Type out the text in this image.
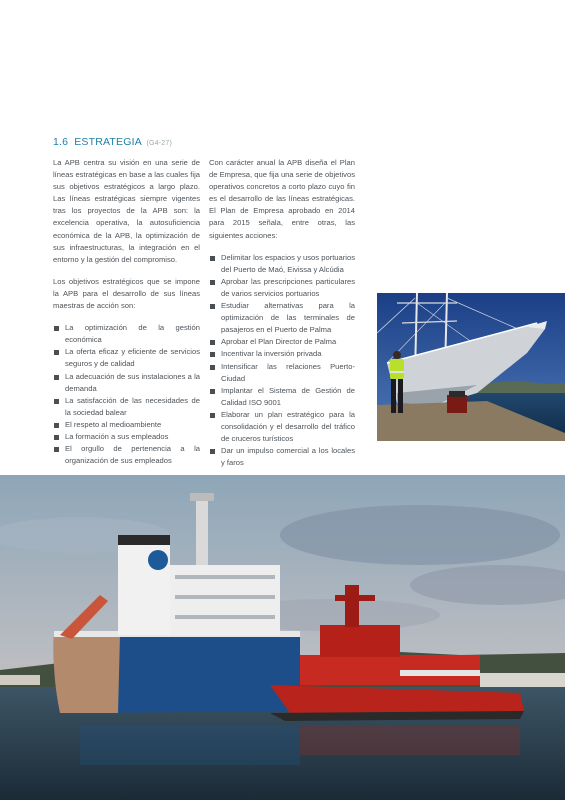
1.6 ESTRATEGIA (G4-27)

La APB centra su visión en una serie de líneas estratégicas en base a las cuales fija sus objetivos estratégicos a largo plazo. Las líneas estratégicas siempre vigentes tras los proyectos de la APB son: la excelencia operativa, la autosuficiencia económica de la APB, la optimización de sus infraestructuras, la integración en el entorno y la gestión del compromiso.

Los objetivos estratégicos que se impone la APB para el desarrollo de sus líneas maestras de acción son:

La optimización de la gestión económica
La oferta eficaz y eficiente de servicios seguros y de calidad
La adecuación de sus instalaciones a la demanda
La satisfacción de las necesidades de la sociedad balear
El respeto al medioambiente
La formación a sus empleados
El orgullo de pertenencia a la organización de sus empleados

Con carácter anual la APB diseña el Plan de Empresa, que fija una serie de objetivos operativos concretos a corto plazo cuyo fin es el desarrollo de las líneas estratégicas. El Plan de Empresa aprobado en 2014 para 2015 señala, entre otras, las siguientes acciones:

Delimitar los espacios y usos portuarios del Puerto de Maó, Eivissa y Alcúdia
Aprobar las prescripciones particulares de varios servicios portuarios
Estudiar alternativas para la optimización de las terminales de pasajeros en el Puerto de Palma
Aprobar el Plan Director de Palma
Incentivar la inversión privada
Intensificar las relaciones Puerto-Ciudad
Implantar el Sistema de Gestión de Calidad ISO 9001
Elaborar un plan estratégico para la consolidación y el desarrollo del tráfico de cruceros turísticos
Dar un impulso comercial a los locales y faros
